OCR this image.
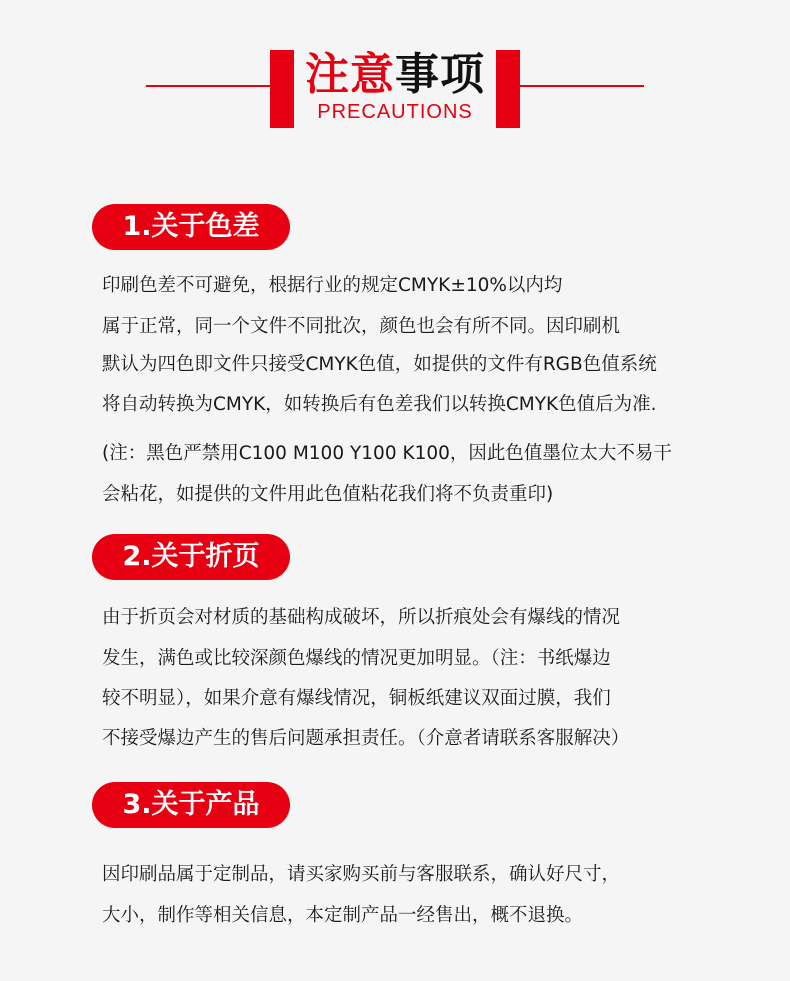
注意事项
PRECAUTIONS
1.关于色差
印刷色差不可避免，根据行业的规定CMYK±10%以内均
属于正常，同一个文件不同批次，颜色也会有所不同。因印刷机
默认为四色即文件只接受CMYK色值，如提供的文件有RGB色值系统
将自动转换为CMYK，如转换后有色差我们以转换CMYK色值后为准.
(注：黑色严禁用C100 M100 Y100 K100，因此色值墨位太大不易干
会粘花，如提供的文件用此色值粘花我们将不负责重印)
2.关于折页
由于折页会对材质的基础构成破坏，所以折痕处会有爆线的情况
发生，满色或比较深颜色爆线的情况更加明显。（注：书纸爆边
较不明显），如果介意有爆线情况，铜板纸建议双面过膜，我们
不接受爆边产生的售后问题承担责任。（介意者请联系客服解决）
3.关于产品
因印刷品属于定制品，请买家购买前与客服联系，确认好尺寸，
大小，制作等相关信息，本定制产品一经售出，概不退换。
